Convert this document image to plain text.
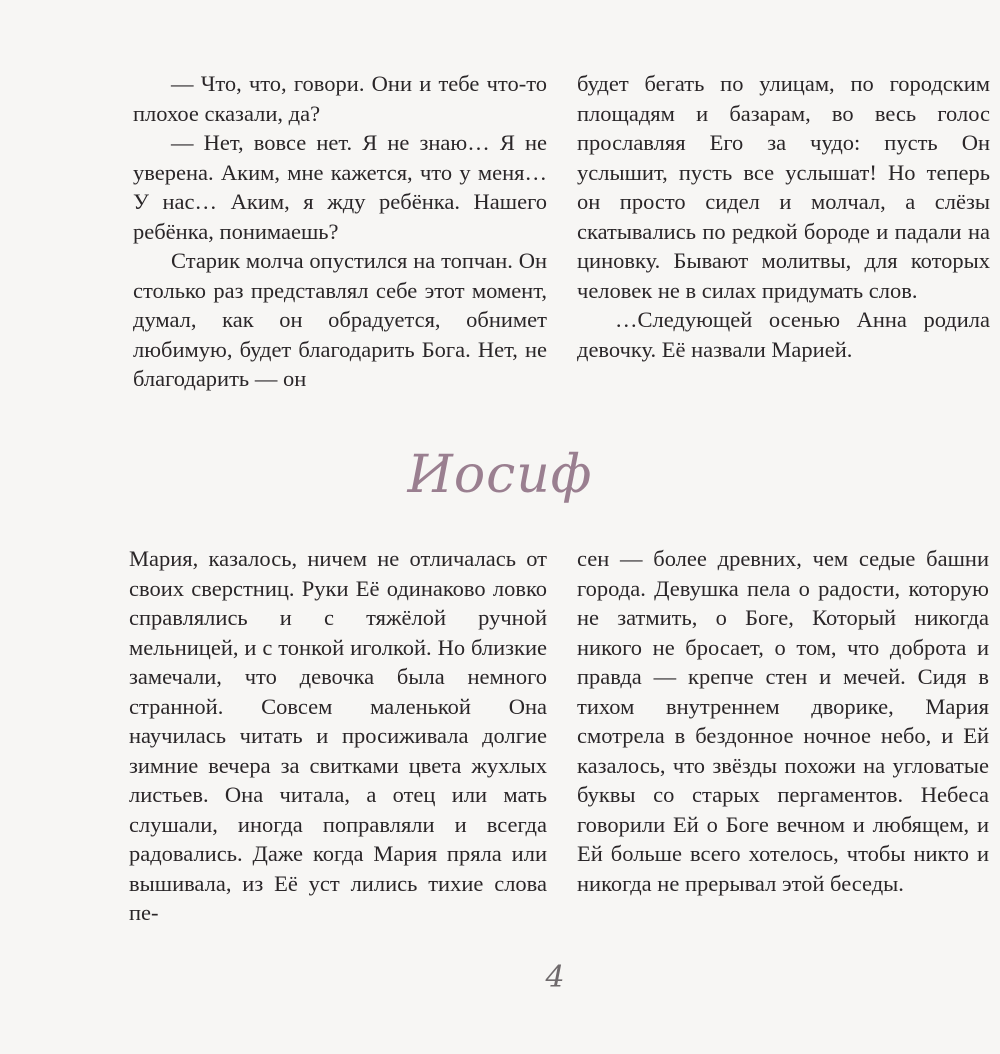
— Что, что, говори. Они и тебе что-то плохое сказали, да?

— Нет, вовсе нет. Я не знаю… Я не уверена. Аким, мне кажется, что у меня… У нас… Аким, я жду ребёнка. Нашего ребёнка, понимаешь?

Старик молча опустился на топчан. Он столько раз представлял себе этот момент, думал, как он обрадуется, обнимет любимую, будет благодарить Бога. Нет, не благодарить — он

будет бегать по улицам, по городским площадям и базарам, во весь голос прославляя Его за чудо: пусть Он услышит, пусть все услышат! Но теперь он просто сидел и молчал, а слёзы скатывались по редкой бороде и падали на циновку. Бывают молитвы, для которых человек не в силах придумать слов.

…Следующей осенью Анна родила девочку. Её назвали Марией.

Иосиф

Мария, казалось, ничем не отличалась от своих сверстниц. Руки Её одинаково ловко справлялись и с тяжёлой ручной мельницей, и с тонкой иголкой. Но близкие замечали, что девочка была немного странной. Совсем маленькой Она научилась читать и просиживала долгие зимние вечера за свитками цвета жухлых листьев. Она читала, а отец или мать слушали, иногда поправляли и всегда радовались. Даже когда Мария пряла или вышивала, из Её уст лились тихие слова пе-

сен — более древних, чем седые башни города. Девушка пела о радости, которую не затмить, о Боге, Который никогда никого не бросает, о том, что доброта и правда — крепче стен и мечей. Сидя в тихом внутреннем дворике, Мария смотрела в бездонное ночное небо, и Ей казалось, что звёзды похожи на угловатые буквы со старых пергаментов. Небеса говорили Ей о Боге вечном и любящем, и Ей больше всего хотелось, чтобы никто и никогда не прерывал этой беседы.

4
